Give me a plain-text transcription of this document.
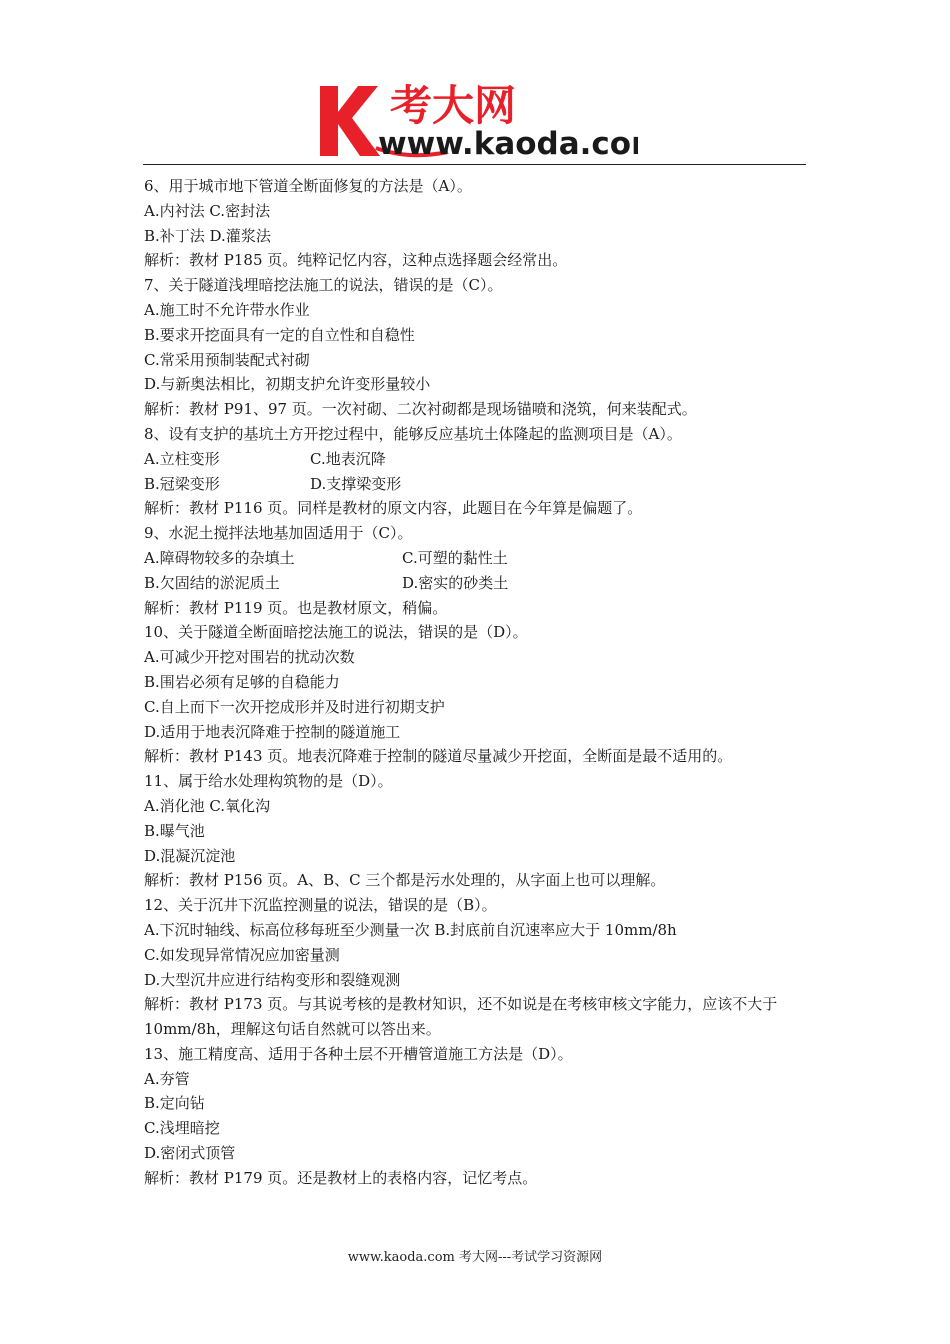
考大网
www.kaoda.com
6、用于城市地下管道全断面修复的方法是（A）。
A.内衬法 C.密封法
B.补丁法 D.灌浆法
解析：教材 P185 页。纯粹记忆内容，这种点选择题会经常出。
7、关于隧道浅埋暗挖法施工的说法，错误的是（C）。
A.施工时不允许带水作业
B.要求开挖面具有一定的自立性和自稳性
C.常采用预制装配式衬砌
D.与新奥法相比，初期支护允许变形量较小
解析：教材 P91、97 页。一次衬砌、二次衬砌都是现场锚喷和浇筑，何来装配式。
8、设有支护的基坑土方开挖过程中，能够反应基坑土体隆起的监测项目是（A）。
A.立柱变形	C.地表沉降
B.冠梁变形	D.支撑梁变形
解析：教材 P116 页。同样是教材的原文内容，此题目在今年算是偏题了。
9、水泥土搅拌法地基加固适用于（C）。
A.障碍物较多的杂填土	C.可塑的黏性土
B.欠固结的淤泥质土	D.密实的砂类土
解析：教材 P119 页。也是教材原文，稍偏。
10、关于隧道全断面暗挖法施工的说法，错误的是（D）。
A.可减少开挖对围岩的扰动次数
B.围岩必须有足够的自稳能力
C.自上而下一次开挖成形并及时进行初期支护
D.适用于地表沉降难于控制的隧道施工
解析：教材 P143 页。地表沉降难于控制的隧道尽量减少开挖面，全断面是最不适用的。
11、属于给水处理构筑物的是（D）。
A.消化池 C.氧化沟
B.曝气池
D.混凝沉淀池
解析：教材 P156 页。A、B、C 三个都是污水处理的，从字面上也可以理解。
12、关于沉井下沉监控测量的说法，错误的是（B）。
A.下沉时轴线、标高位移每班至少测量一次 B.封底前自沉速率应大于 10mm/8h
C.如发现异常情况应加密量测
D.大型沉井应进行结构变形和裂缝观测
解析：教材 P173 页。与其说考核的是教材知识，还不如说是在考核审核文字能力，应该不大于 10mm/8h，理解这句话自然就可以答出来。
13、施工精度高、适用于各种土层不开槽管道施工方法是（D）。
A.夯管
B.定向钻
C.浅埋暗挖
D.密闭式顶管
解析：教材 P179 页。还是教材上的表格内容，记忆考点。
www.kaoda.com 考大网---考试学习资源网
